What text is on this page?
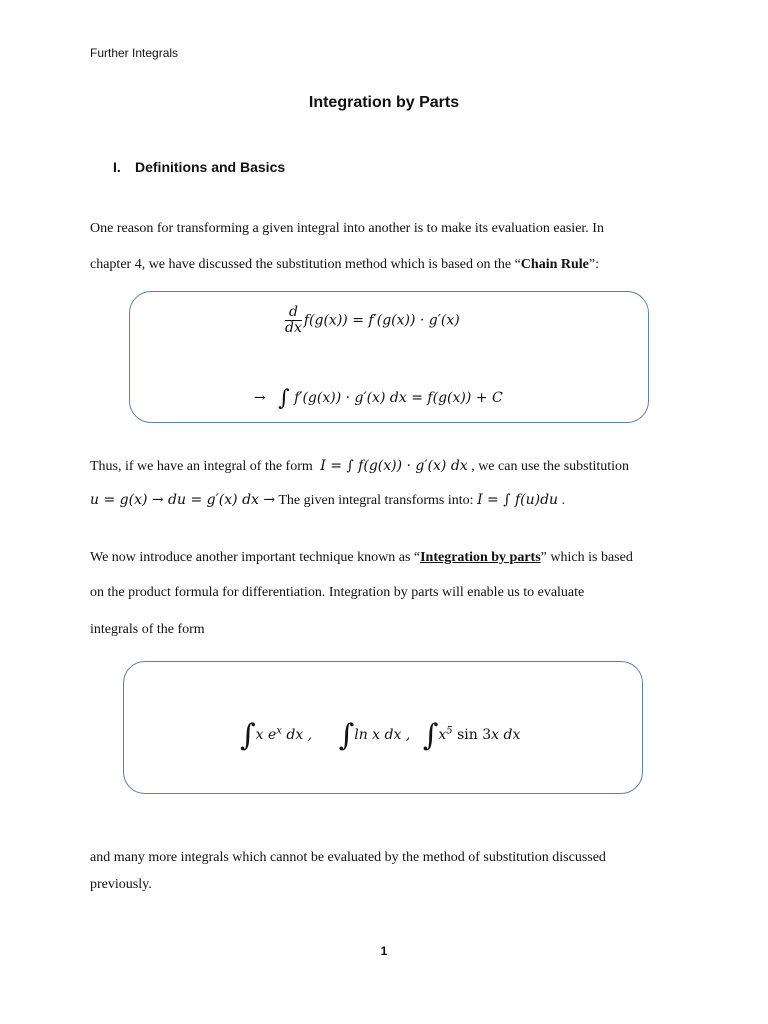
Further Integrals
Integration by Parts
I. Definitions and Basics
One reason for transforming a given integral into another is to make its evaluation easier. In
chapter 4, we have discussed the substitution method which is based on the “Chain Rule”:
$\frac{d}{dx} f(g(x)) = f'(g(x)) \cdot g'(x)$
→ ∫ f′(g(x)) · g′(x) dx = f(g(x)) + C
Thus, if we have an integral of the form I = ∫ f(g(x)) · g′(x) dx , we can use the substitution
u = g(x) → du = g′(x) dx → The given integral transforms into: I = ∫ f(u)du .
We now introduce another important technique known as “Integration by parts” which is based
on the product formula for differentiation. Integration by parts will enable us to evaluate
integrals of the form
∫x $e^x$ dx , ∫ln x dx , $\int x^5$ sin 3x dx
and many more integrals which cannot be evaluated by the method of substitution discussed
previously.
1
